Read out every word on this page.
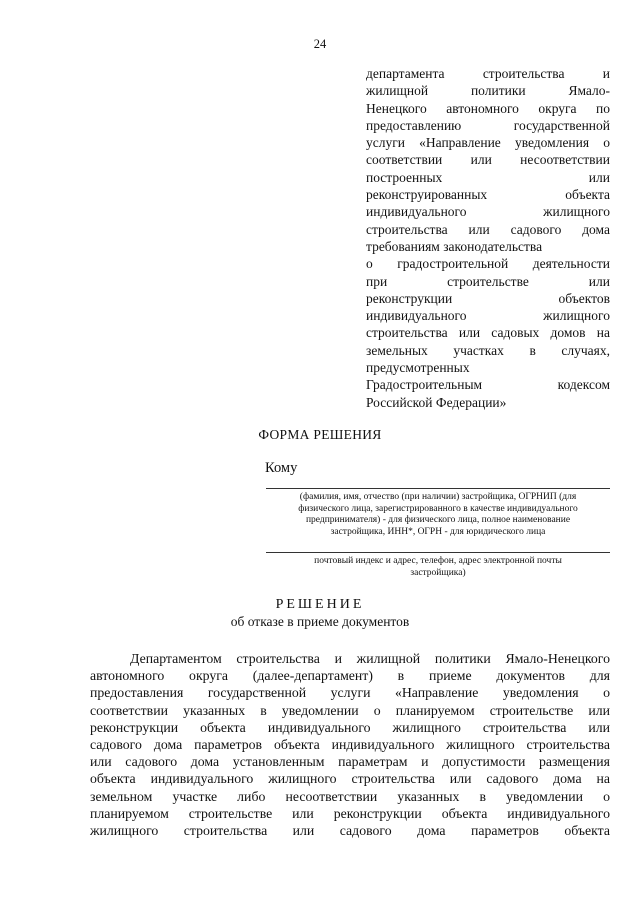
24
департамента строительства и
жилищной политики Ямало-
Ненецкого автономного округа по
предоставлению государственной
услуги «Направление уведомления о
соответствии или несоответствии
построенных или
реконструированных объекта
индивидуального жилищного
строительства или садового дома
требованиям законодательства
о градостроительной деятельности
при строительстве или
реконструкции объектов
индивидуального жилищного
строительства или садовых домов на
земельных участках в случаях,
предусмотренных
Градостроительным кодексом
Российской Федерации»
ФОРМА РЕШЕНИЯ
Кому
(фамилия, имя, отчество (при наличии) застройщика, ОГРНИП (для
физического лица, зарегистрированного в качестве индивидуального
предпринимателя) - для физического лица, полное наименование
застройщика, ИНН*, ОГРН - для юридического лица
почтовый индекс и адрес, телефон, адрес электронной почты
застройщика)
РЕШЕНИЕ
об отказе в приеме документов
Департаментом строительства и жилищной политики Ямало-Ненецкого
автономного округа (далее-департамент) в приеме документов для
предоставления государственной услуги «Направление уведомления о
соответствии указанных в уведомлении о планируемом строительстве или
реконструкции объекта индивидуального жилищного строительства или
садового дома параметров объекта индивидуального жилищного строительства
или садового дома установленным параметрам и допустимости размещения
объекта индивидуального жилищного строительства или садового дома на
земельном участке либо несоответствии указанных в уведомлении о
планируемом строительстве или реконструкции объекта индивидуального
жилищного строительства или садового дома параметров объекта
